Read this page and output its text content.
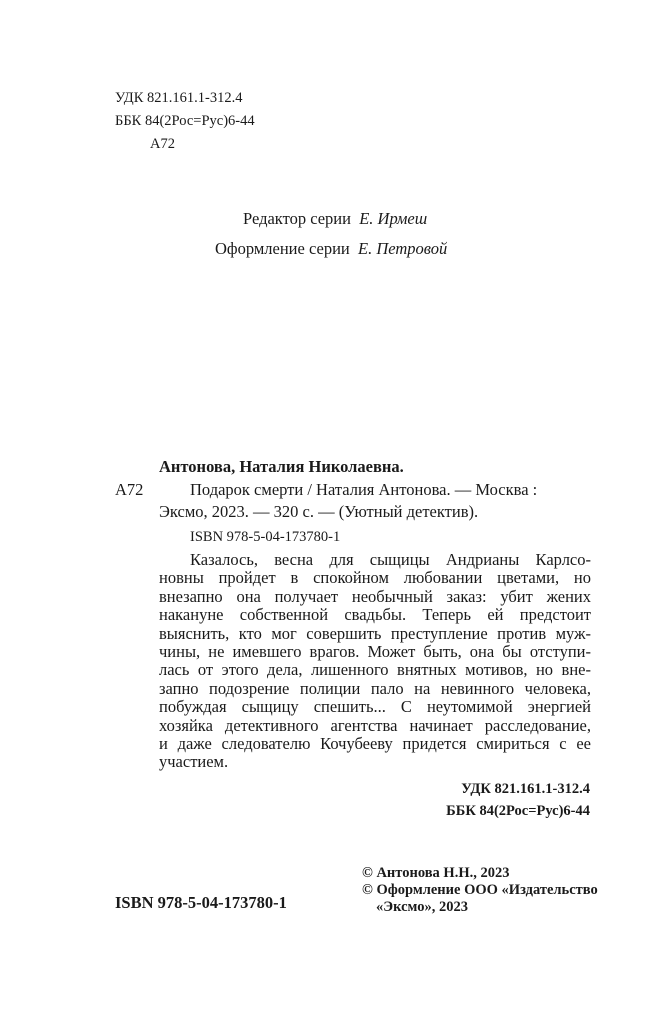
УДК 821.161.1-312.4
ББК 84(2Рос=Рус)6-44
А72
Редактор серии Е. Ирмеш
Оформление серии Е. Петровой
Антонова, Наталия Николаевна.
А72	Подарок смерти / Наталия Антонова. — Москва :
Эксмо, 2023. — 320 с. — (Уютный детектив).
ISBN 978-5-04-173780-1
Казалось, весна для сыщицы Андрианы Карлсо-
новны пройдет в спокойном любовании цветами, но
внезапно она получает необычный заказ: убит жених
накануне собственной свадьбы. Теперь ей предстоит
выяснить, кто мог совершить преступление против муж-
чины, не имевшего врагов. Может быть, она бы отступи-
лась от этого дела, лишенного внятных мотивов, но вне-
запно подозрение полиции пало на невинного человека,
побуждая сыщицу спешить... С неутомимой энергией
хозяйка детективного агентства начинает расследование,
и даже следователю Кочубееву придется смириться с ее
участием.
УДК 821.161.1-312.4
ББК 84(2Рос=Рус)6-44
ISBN 978-5-04-173780-1
© Антонова Н.Н., 2023
© Оформление ООО «Издательство
«Эксмо», 2023
